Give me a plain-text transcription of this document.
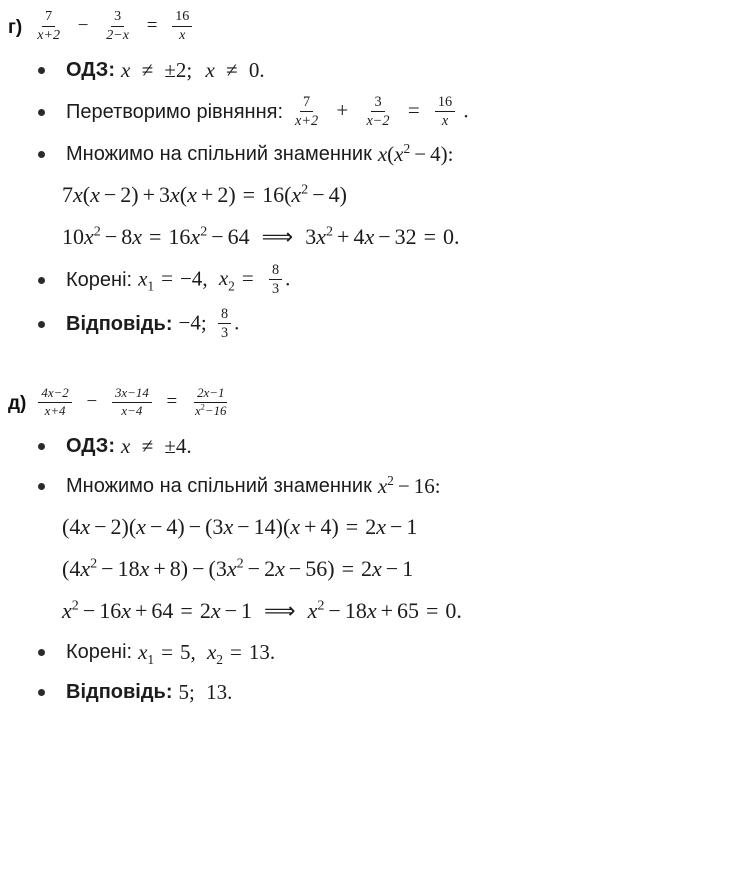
$г) \frac{7}{x+2} - \frac{3}{2-x} = \frac{16}{x}$
ОДЗ: x ≠ ±2; x ≠ 0.
Перетворимо рівняння: $\frac{7}{x+2} + \frac{3}{x-2} = \frac{16}{x}$ .
Множимо на спільний знаменник $x(x^2 - 4)$:
$7x(x - 2) + 3x(x + 2) = 16(x^2 - 4)$
$10x^2 - 8x = 16x^2 - 64$ ⟹ $3x^2 + 4x - 32 = 0$.
Корені: $x_1 = -4$, $x_2 = \frac{8}{3}$ .
Відповідь: −4; $\frac{8}{3}$ .
$д) \frac{4x-2}{x+4} - \frac{3x-14}{x-4} = \frac{2x-1}{x^2-16}$
ОДЗ: x ≠ ±4.
Множимо на спільний знаменник $x^2 - 16$:
(4x − 2)(x − 4) − (3x − 14)(x + 4) = 2x − 1
$(4x^2 - 18x + 8) - (3x^2 - 2x - 56) = 2x - 1$
$x^2 - 16x + 64 = 2x - 1$ ⟹ $x^2 - 18x + 65 = 0$.
Корені: $x_1 = 5$, $x_2 = 13$.
Відповідь: 5; 13.
